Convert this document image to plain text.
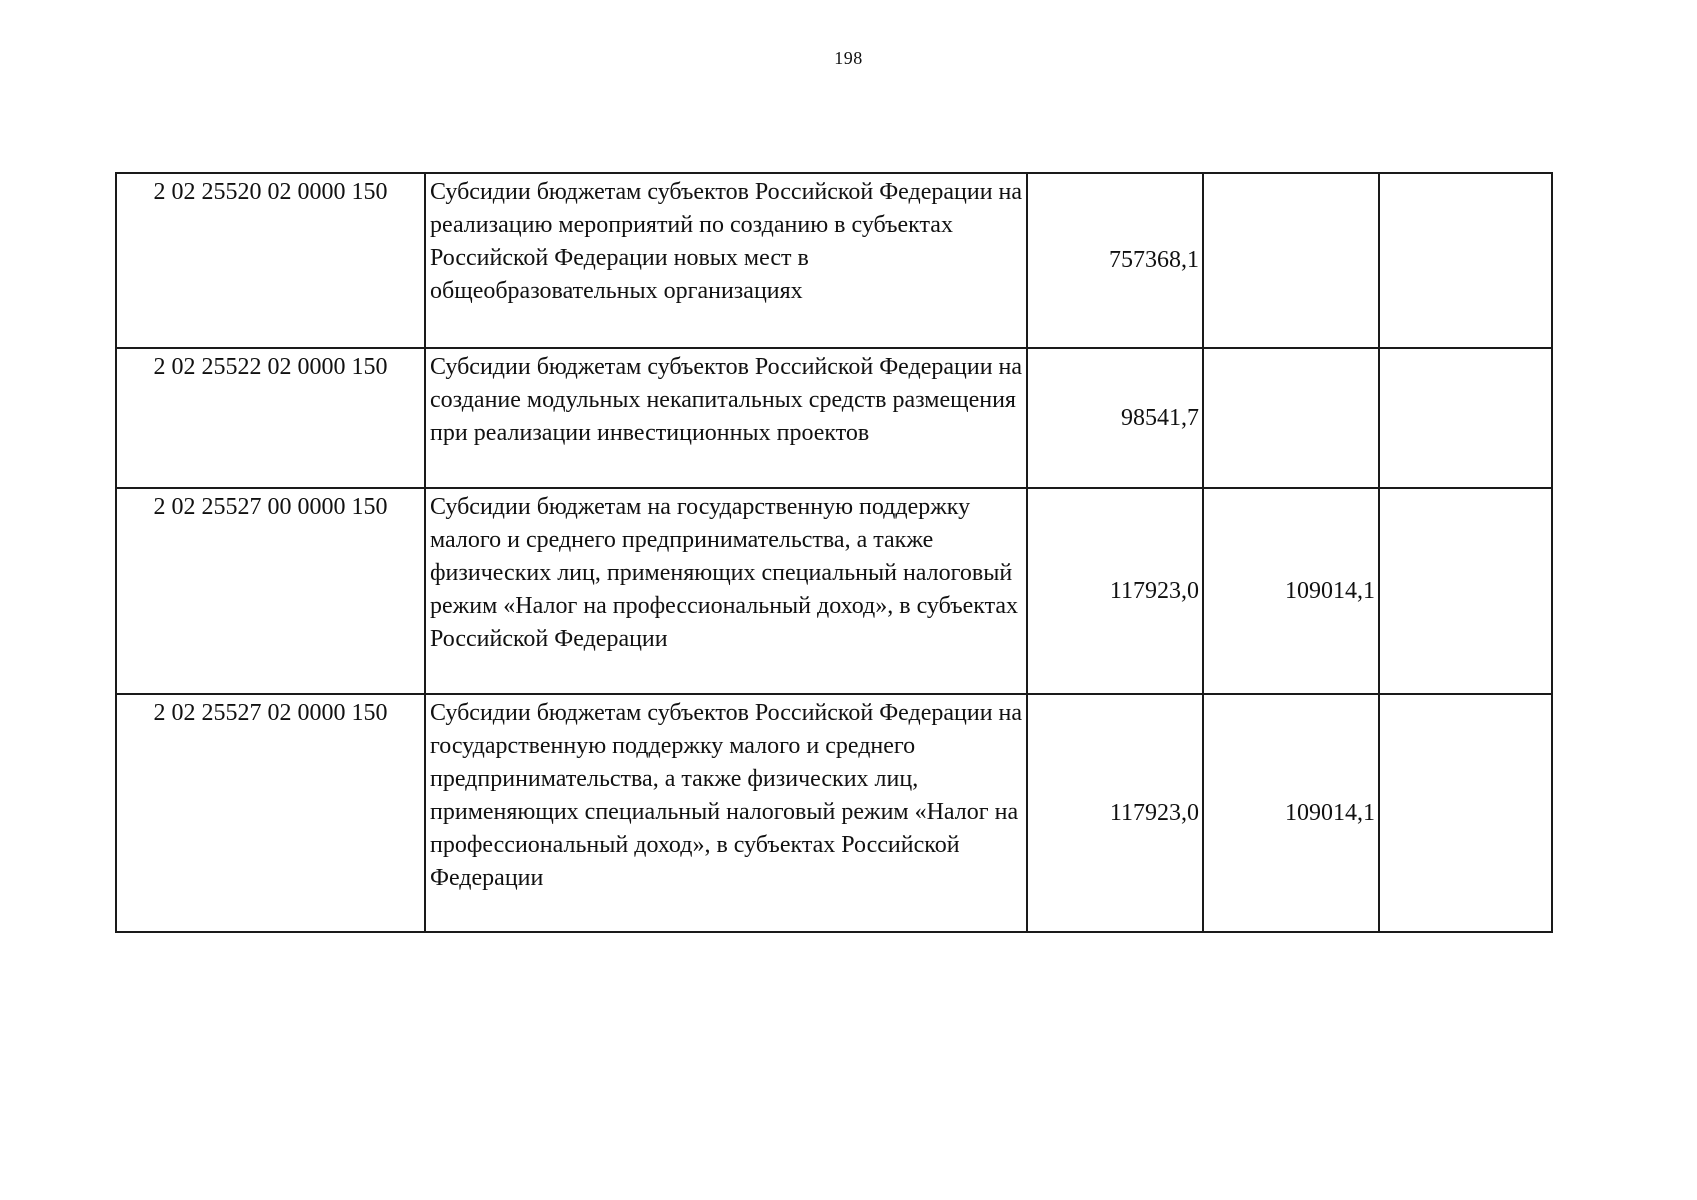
198
2 02 25520 02 0000 150	Субсидии бюджетам субъектов Российской Федерации на реализацию мероприятий по созданию в субъектах Российской Федерации новых мест в общеобразовательных организациях	757368,1		
2 02 25522 02 0000 150	Субсидии бюджетам субъектов Российской Федерации на создание модульных некапитальных средств размещения при реализации инвестиционных проектов	98541,7		
2 02 25527 00 0000 150	Субсидии бюджетам на государственную поддержку малого и среднего предпринимательства, а также физических лиц, применяющих специальный налоговый режим «Налог на профессиональный доход», в субъектах Российской Федерации	117923,0	109014,1	
2 02 25527 02 0000 150	Субсидии бюджетам субъектов Российской Федерации на государственную поддержку малого и среднего предпринимательства, а также физических лиц, применяющих специальный налоговый режим «Налог на профессиональный доход», в субъектах Российской Федерации	117923,0	109014,1	
